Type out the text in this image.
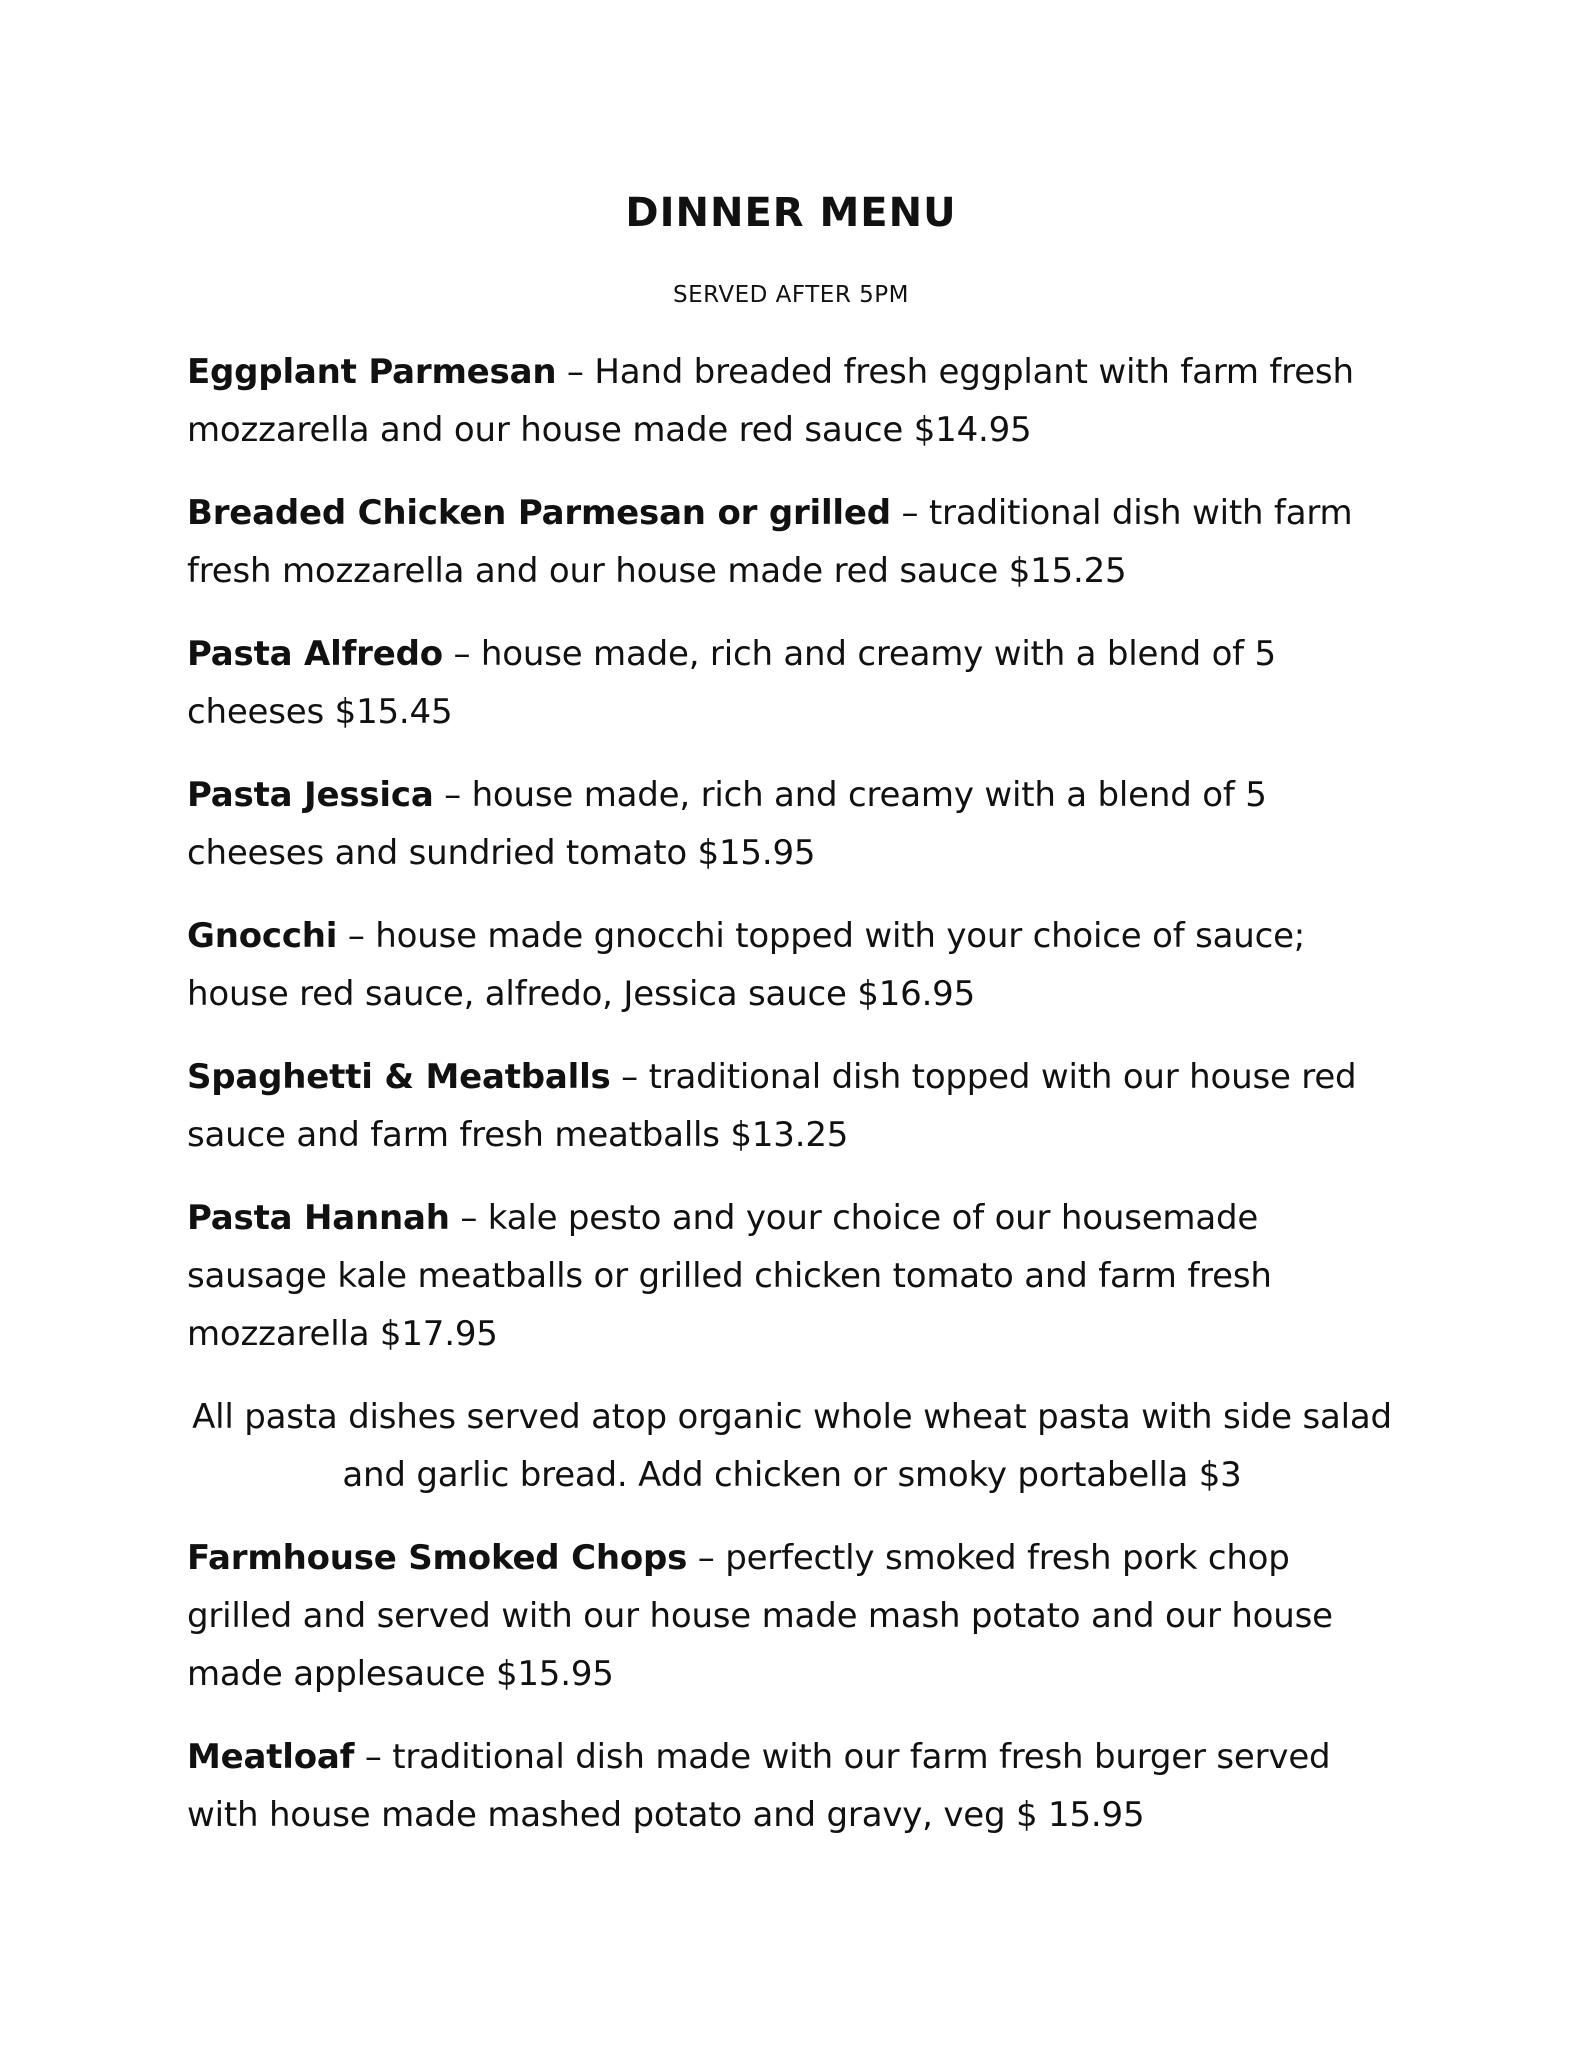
DINNER MENU
SERVED AFTER 5PM

Eggplant Parmesan – Hand breaded fresh eggplant with farm fresh mozzarella and our house made red sauce $14.95

Breaded Chicken Parmesan or grilled – traditional dish with farm fresh mozzarella and our house made red sauce $15.25

Pasta Alfredo – house made, rich and creamy with a blend of 5 cheeses $15.45

Pasta Jessica – house made, rich and creamy with a blend of 5 cheeses and sundried tomato $15.95

Gnocchi – house made gnocchi topped with your choice of sauce; house red sauce, alfredo, Jessica sauce $16.95

Spaghetti & Meatballs – traditional dish topped with our house red sauce and farm fresh meatballs $13.25

Pasta Hannah – kale pesto and your choice of our housemade sausage kale meatballs or grilled chicken tomato and farm fresh mozzarella $17.95

All pasta dishes served atop organic whole wheat pasta with side salad and garlic bread. Add chicken or smoky portabella $3

Farmhouse Smoked Chops – perfectly smoked fresh pork chop grilled and served with our house made mash potato and our house made applesauce $15.95

Meatloaf – traditional dish made with our farm fresh burger served with house made mashed potato and gravy, veg $ 15.95
